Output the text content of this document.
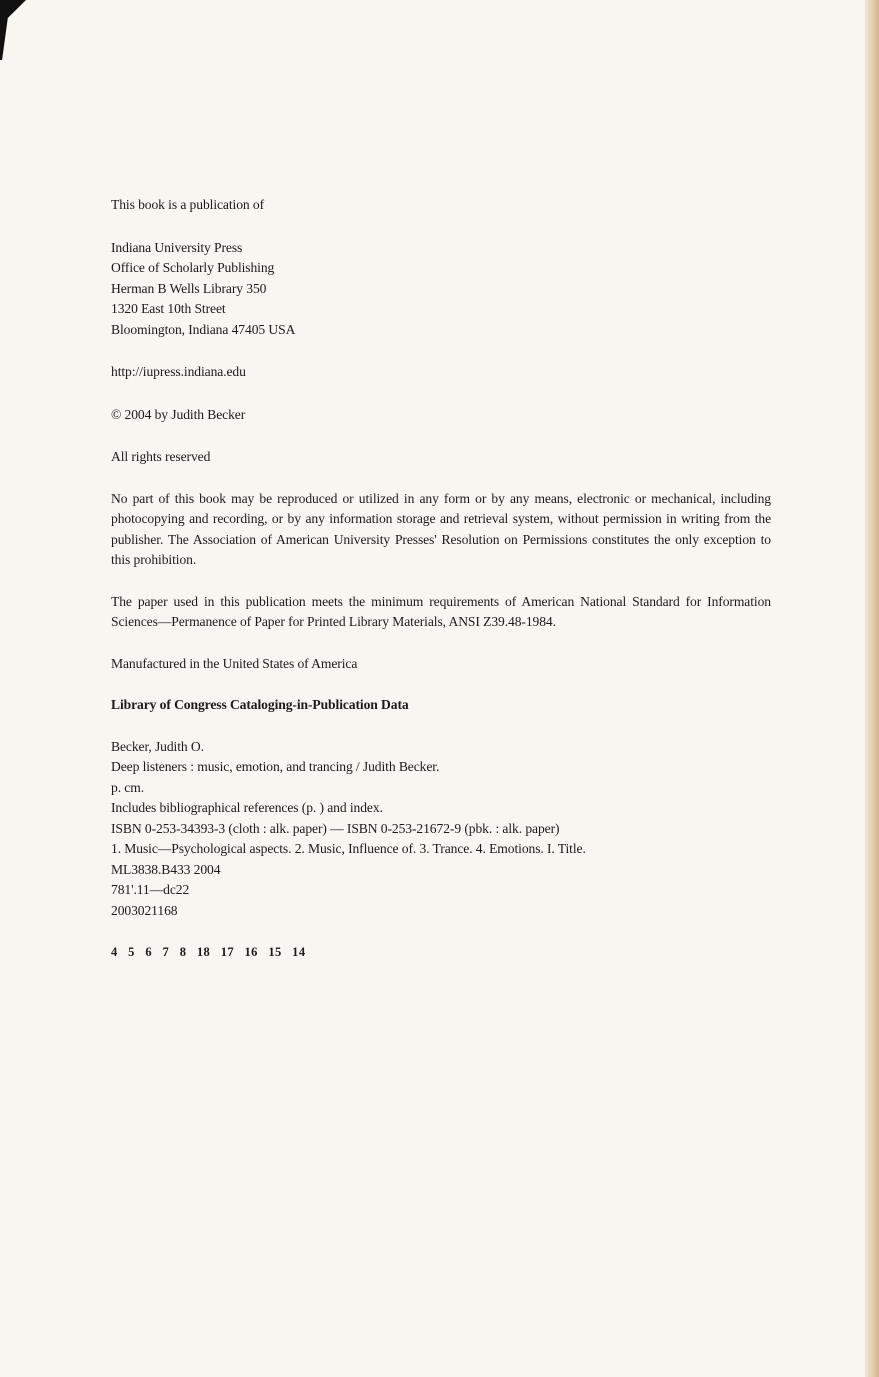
This book is a publication of

Indiana University Press
Office of Scholarly Publishing
Herman B Wells Library 350
1320 East 10th Street
Bloomington, Indiana 47405 USA

http://iupress.indiana.edu

© 2004 by Judith Becker

All rights reserved

No part of this book may be reproduced or utilized in any form or by any means, electronic or mechanical, including photocopying and recording, or by any information storage and retrieval system, without permission in writing from the publisher. The Association of American University Presses' Resolution on Permissions constitutes the only exception to this prohibition.

The paper used in this publication meets the minimum requirements of American National Standard for Information Sciences—Permanence of Paper for Printed Library Materials, ANSI Z39.48-1984.

Manufactured in the United States of America

Library of Congress Cataloging-in-Publication Data

Becker, Judith O.
Deep listeners : music, emotion, and trancing / Judith Becker.
p. cm.
Includes bibliographical references (p. ) and index.
ISBN 0-253-34393-3 (cloth : alk. paper) — ISBN 0-253-21672-9 (pbk. : alk. paper)
1. Music—Psychological aspects. 2. Music, Influence of. 3. Trance. 4. Emotions. I. Title.
ML3838.B433 2004
781'.11—dc22
2003021168

4 5 6 7 8 18 17 16 15 14
